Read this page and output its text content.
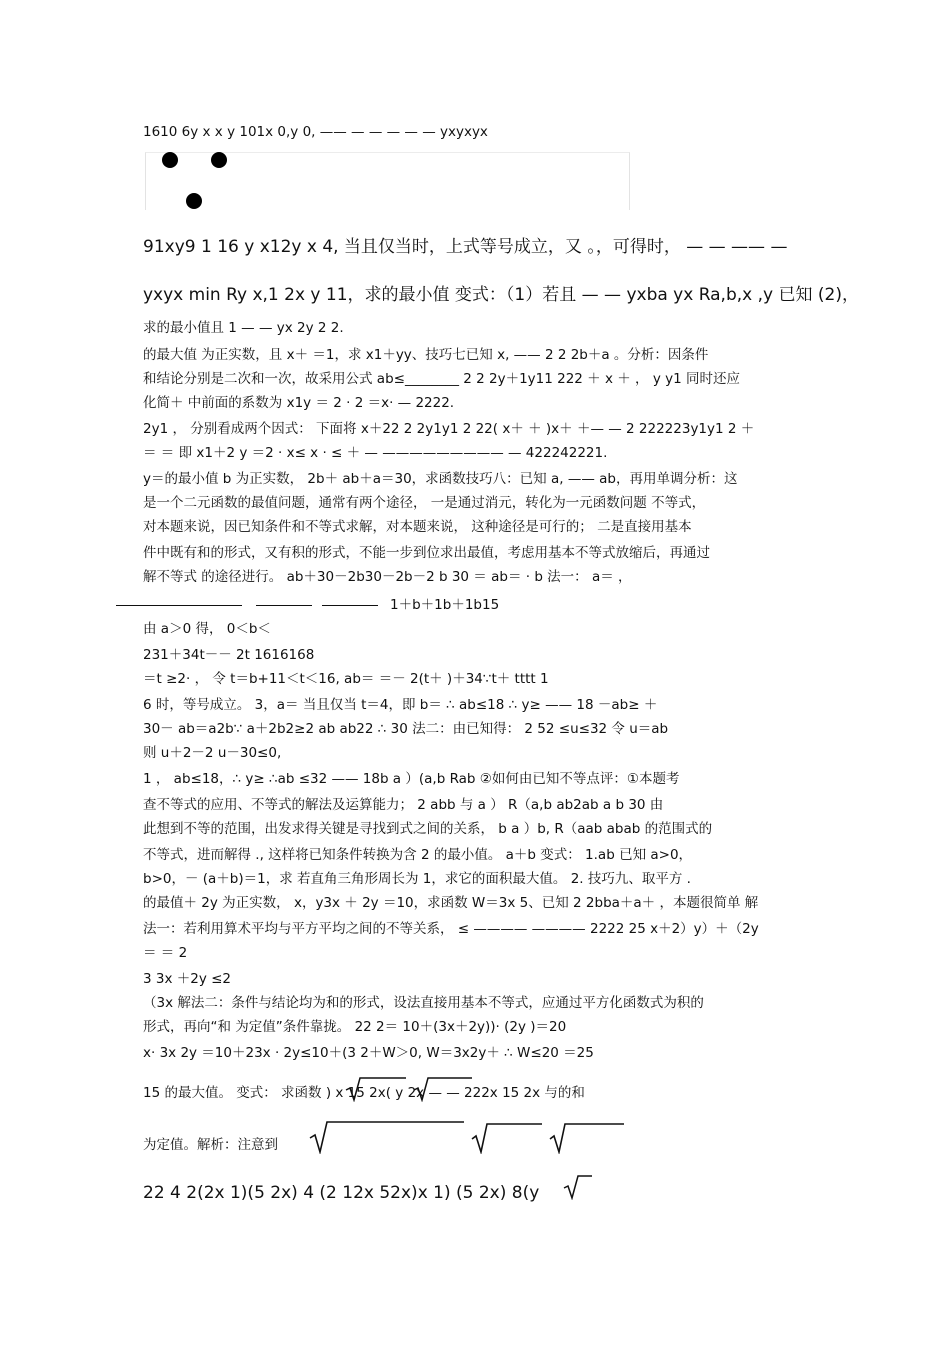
1610 6y x x y 101x 0,y 0, —— — — — — — yxyxyx
91xy9 1 16 y x12y x 4, 当且仅当时，上式等号成立，又 。，可得时， — — —— —
yxyx min Ry x,1 2x y 11，求的最小值 变式：（1）若且 — — yxba yx Ra,b,x ,y 已知 (2)，
求的最小值且 1 — — yx 2y 2 2.
的最大值 为正实数，且 x＋ ＝1，求 x1＋yy、技巧七已知 x, —— 2 2 2b＋a 。分析：因条件
和结论分别是二次和一次，故采用公式 ab≤________ 2 2 2y＋1y11 222 ＋ x ＋ ， y y1 同时还应
化简＋ 中前面的系数为 x1y ＝ 2 · 2 ＝x· — 2222.
2y1 ， 分别看成两个因式： 下面将 x＋22 2 2y1y1 2 22( x＋ ＋ )x＋ ＋— — 2 222223y1y1 2 ＋
＝ ＝ 即 x1＋2 y ＝2 · x≤ x · ≤ ＋ — ————————— — 422242221.
y＝的最小值 b 为正实数， 2b＋ ab＋a＝30，求函数技巧八：已知 a, —— ab，再用单调分析：这
是一个二元函数的最值问题，通常有两个途径， 一是通过消元，转化为一元函数问题 不等式，
对本题来说，因已知条件和不等式求解，对本题来说， 这种途径是可行的； 二是直接用基本
件中既有和的形式，又有积的形式，不能一步到位求出最值，考虑用基本不等式放缩后，再通过
解不等式 的途径进行。 ab＋30－2b30－2b－2 b 30 ＝ ab＝ · b 法一： a＝ ，
1＋b＋1b＋1b15
由 a＞0 得， 0＜b＜
231＋34t－－ 2t 1616168
＝t ≥2· ， 令 t＝b+11＜t＜16, ab＝ ＝－ 2(t＋ )＋34∵t＋ tttt 1
6 时，等号成立。 3，a＝ 当且仅当 t＝4，即 b＝ ∴ ab≤18 ∴ y≥ —— 18 －ab≥ ＋
30－ ab＝a2b∵ a＋2b2≥2 ab ab22 ∴ 30 法二：由已知得： 2 52 ≤u≤32 令 u＝ab
则 u＋2－2 u－30≤0,
1 ， ab≤18，∴ y≥ ∴ab ≤32 —— 18b a ）(a,b Rab ②如何由已知不等点评：①本题考
查不等式的应用、不等式的解法及运算能力； 2 abb 与 a ） R（a,b ab2ab a b 30 由
此想到不等的范围，出发求得关键是寻找到式之间的关系， b a ）b, R（aab abab 的范围式的
不等式，进而解得 ., 这样将已知条件转换为含 2 的最小值。 a＋b 变式： 1.ab 已知 a>0，
b>0，－ (a＋b)＝1，求 若直角三角形周长为 1，求它的面积最大值。 2. 技巧九、取平方 .
的最值＋ 2y 为正实数， x，y3x ＋ 2y ＝10，求函数 W＝3x 5、已知 2 2bba＋a＋ ，本题很简单 解
法一：若利用算术平均与平方平均之间的不等关系， ≤ ———— ———— 2222 25 x＋2）y）＋（2y
＝ ＝ 2
3 3x ＋2y ≤2
（3x 解法二：条件与结论均为和的形式，设法直接用基本不等式，应通过平方化函数式为积的
形式，再向“和 为定值”条件靠拢。 22 2＝ 10＋(3x＋2y))· (2y )＝20
x· 3x 2y ＝10＋23x · 2y≤10＋(3 2＋W＞0, W＝3x2y＋ ∴ W≤20 ＝25
15 的最大值。 变式： 求函数 ) x 15 2x( y 2x — — 222x 15 2x 与的和
为定值。解析：注意到
22 4 2(2x 1)(5 2x) 4 (2 12x 52x)x 1) (5 2x) 8(y
